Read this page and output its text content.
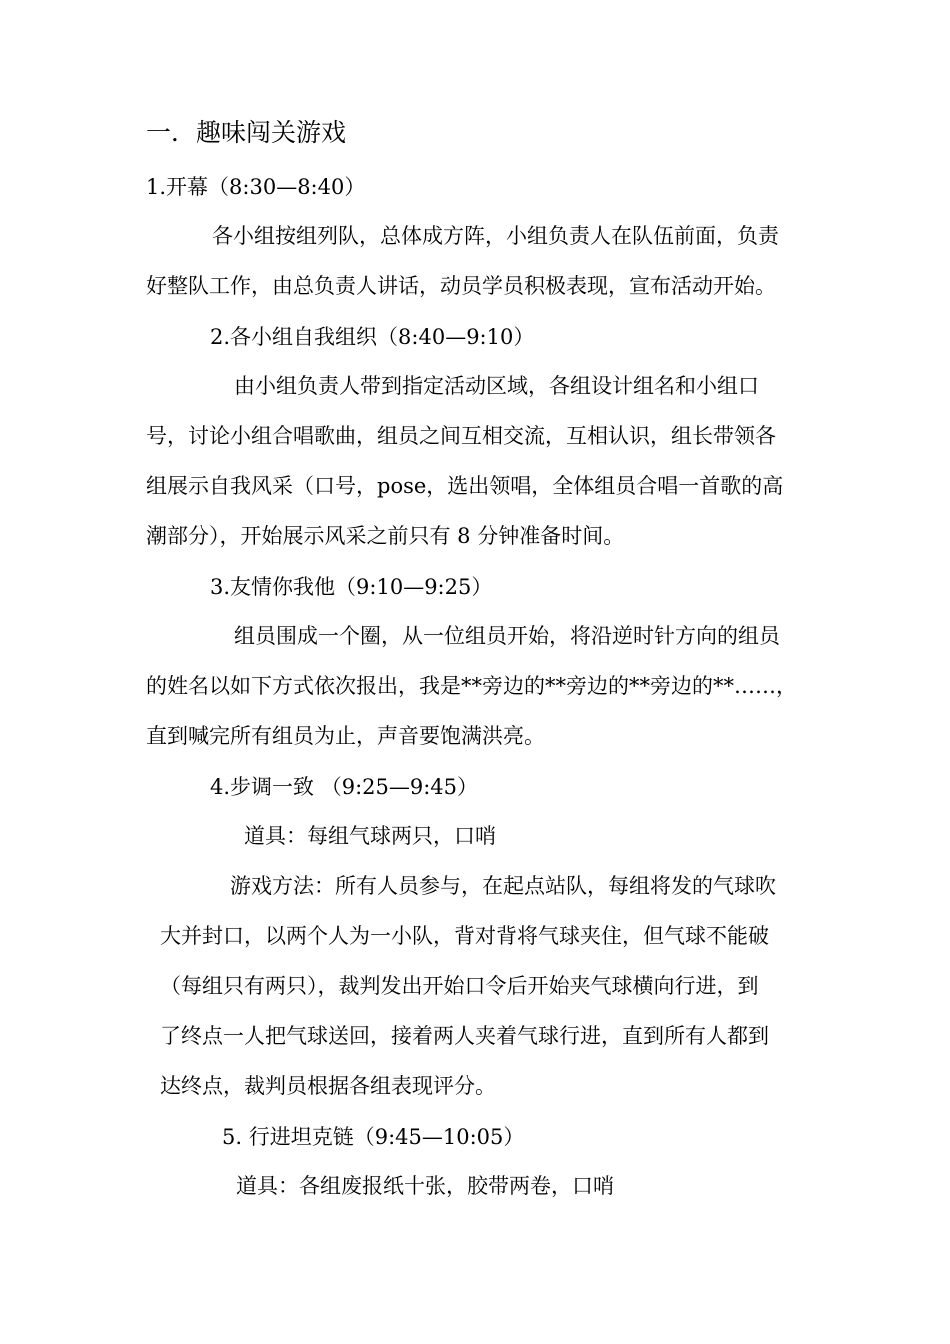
一．趣味闯关游戏
1.开幕（8:30—8:40）
各小组按组列队，总体成方阵，小组负责人在队伍前面，负责
好整队工作，由总负责人讲话，动员学员积极表现，宣布活动开始。
2.各小组自我组织（8:40—9:10）
由小组负责人带到指定活动区域，各组设计组名和小组口
号，讨论小组合唱歌曲，组员之间互相交流，互相认识，组长带领各
组展示自我风采（口号，pose，选出领唱，全体组员合唱一首歌的高
潮部分），开始展示风采之前只有 8 分钟准备时间。
3.友情你我他（9:10—9:25）
组员围成一个圈，从一位组员开始，将沿逆时针方向的组员
的姓名以如下方式依次报出，我是**旁边的**旁边的**旁边的**……，
直到喊完所有组员为止，声音要饱满洪亮。
4.步调一致 （9:25—9:45）
道具：每组气球两只，口哨
游戏方法：所有人员参与，在起点站队，每组将发的气球吹
大并封口，以两个人为一小队，背对背将气球夹住，但气球不能破
（每组只有两只），裁判发出开始口令后开始夹气球横向行进，到
了终点一人把气球送回，接着两人夹着气球行进，直到所有人都到
达终点，裁判员根据各组表现评分。
5. 行进坦克链（9:45—10:05）
道具：各组废报纸十张，胶带两卷，口哨
